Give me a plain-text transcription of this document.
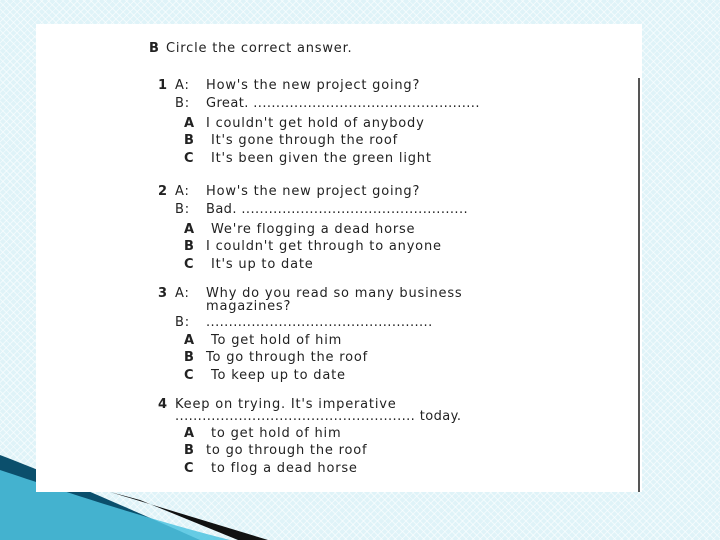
B Circle the correct answer.
1 A: How's the new project going?
B: Great. ..................................................
A I couldn't get hold of anybody
B It's gone through the roof
C It's been given the green light
2 A: How's the new project going?
B: Bad. ..................................................
A We're flogging a dead horse
B I couldn't get through to anyone
C It's up to date
3 A: Why do you read so many business
magazines?
B: ..................................................
A To get hold of him
B To go through the roof
C To keep up to date
4 Keep on trying. It's imperative
..................................................... today.
A to get hold of him
B to go through the roof
C to flog a dead horse
